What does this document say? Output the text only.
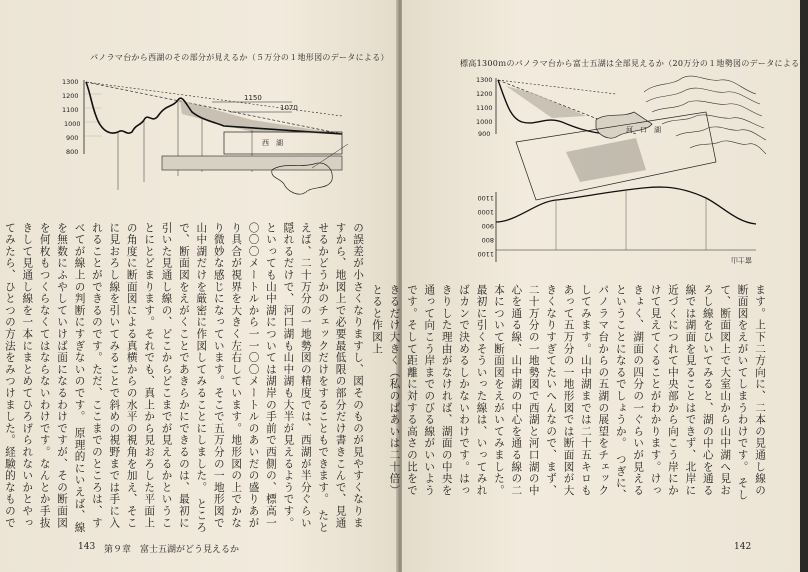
パノラマ台から西湖のその部分が見えるか（５万分の１地形図のデータによる）
1300
1200
1100
1000
900
800
西　湖
1150
1070
の誤差が小さくなりますし、図そのものが見やすくなりますから、地図上で必要最低限の部分だけ書きこんで、見通せるかどうかのチェックだけをすることもできます。 たとえば、二十万分の一地勢図の精度では、西湖が半分ぐらい隠れるだけで、河口湖も山中湖も大半が見えるようです。といっても山中湖については湖岸の手前で西側の、標高一〇〇〇メートルから一一〇〇メートルのあいだの盛りあがり具合が視界を大きく左右しています。地形図の上でかなり微妙な感じになっています。そこで五万分の一地形図で山中湖だけを厳密に作図してみることにしました。 ところで、断面図をえがくことであきらかにできるのは、最初に引いた見通し線の、どこからどこまでが見えるかということにとどまります。それでも、真上から見おろした平面上の角度に断面図による真横からの水平の視角を加え、そこに見おろし線を引いてみることで斜めの視野までは手に入れることができるのです。ただ、ここまでのところは、すべてが線上の判断にすぎないのです。 原理的にいえば、線を無数にふやしていけば面になるわけですが、その断面図を何枚もつくらなくてはならないわけです。なんとか手抜きして見通し線を一本にまとめてひろげられないかとやってみたら、ひとつの方法をみつけました。経験的なもので
143 第９章　富士五湖がどう見えるか
標高1300ｍのパノラマ台から富士五湖は全部見えるか（20万分の１地勢図のデータによる）
1300
1200
1100
1000
900
1100
1000
900
800
1100
河　口　湖
富士山
ます。上下二方向に、二本の見通し線の断面図をえがいてしまうわけです。 そして、断面図上で大室山から山中湖へ見おろし線をひいてみると、湖の中心を通る線では湖面を見ることはできず、北岸に近づくにつれて中央部から向こう岸にかけて見えてくることがわかります。けっきょく、湖面の四分の一ぐらいが見えるということになるでしょうか。 つぎに、パノラマ台からの五湖の展望をチェックしてみます。山中湖までは二十五キロもあって五万分の一地形図では断面図が大きくなりすぎてたいへんなので、まず、二十万分の一地勢図で西湖と河口湖の中心を通る線、山中湖の中心を通る線の二本について断面図をえがいてみました。 最初に引くそういった線は、いってみればカンで決めるしかないわけです。はっきりした理由がなければ、湖面の中央を通って向こう岸までのびる線がいいようです。そして距離に対する高さの比をできるだけ大きく（私のばあいは二十倍）とると作図上
142
